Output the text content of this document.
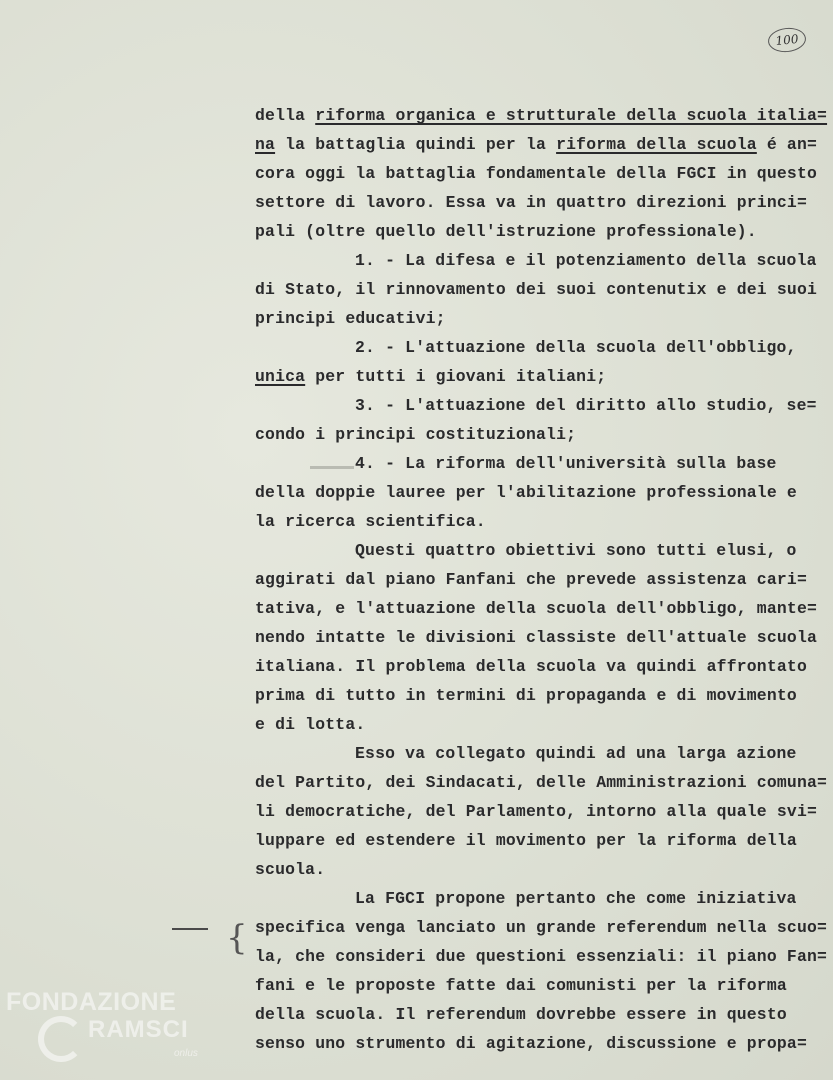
100
{

della riforma organica e strutturale della scuola italia=

na la battaglia quindi per la riforma della scuola é an=

cora oggi la battaglia fondamentale della FGCI in questo

settore di lavoro. Essa va in quattro direzioni princi=

pali (oltre quello dell'istruzione professionale).

1. - La difesa e il potenziamento della scuola

di Stato, il rinnovamento dei suoi contenutix e dei suoi

principi educativi;

2. - L'attuazione della scuola dell'obbligo,

unica per tutti i giovani italiani;

3. - L'attuazione del diritto allo studio, se=

condo i principi costituzionali;

4. - La riforma dell'università sulla base

della doppie lauree per l'abilitazione professionale e

la ricerca scientifica.

Questi quattro obiettivi sono tutti elusi, o

aggirati dal piano Fanfani che prevede assistenza cari=

tativa, e l'attuazione della scuola dell'obbligo, mante=

nendo intatte le divisioni classiste dell'attuale scuola

italiana. Il problema della scuola va quindi affrontato

prima di tutto in termini di propaganda e di movimento

e di lotta.

Esso va collegato quindi ad una larga azione

del Partito, dei Sindacati, delle Amministrazioni comuna=

li democratiche, del Parlamento, intorno alla quale svi=

luppare ed estendere il movimento per la riforma della

scuola.

La FGCI propone pertanto che come iniziativa

specifica venga lanciato un grande referendum nella scuo=

la, che consideri due questioni essenziali: il piano Fan=

fani e le proposte fatte dai comunisti per la riforma

della scuola. Il referendum dovrebbe essere in questo

senso uno strumento di agitazione, discussione e propa=

FONDAZIONE
RAMSCI
onlus
